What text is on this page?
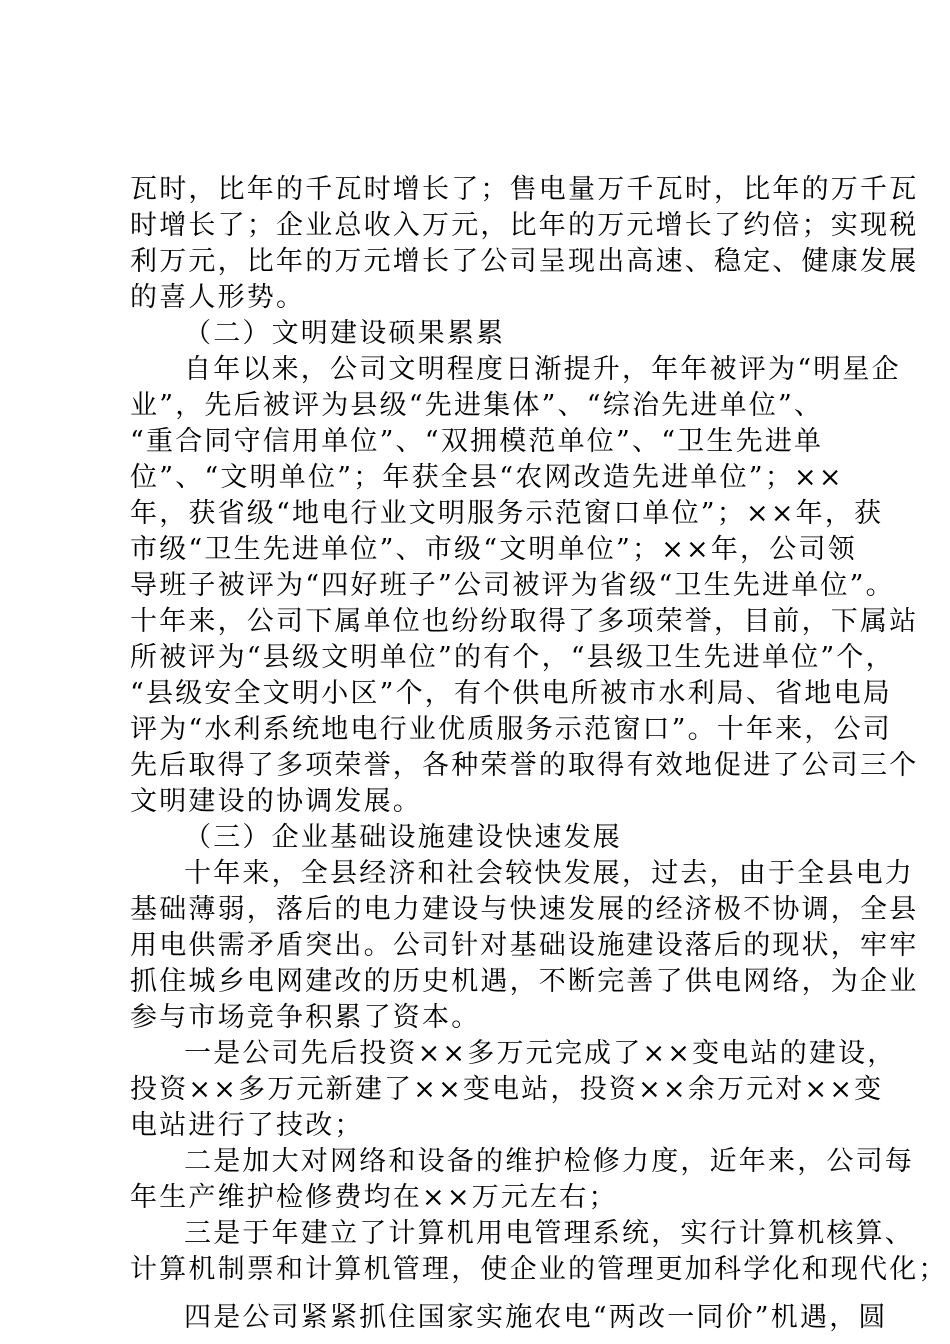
瓦时，比年的千瓦时增长了；售电量万千瓦时，比年的万千瓦
时增长了；企业总收入万元，比年的万元增长了约倍；实现税
利万元，比年的万元增长了公司呈现出高速、稳定、健康发展
的喜人形势。
（二）文明建设硕果累累
自年以来，公司文明程度日渐提升，年年被评为“明星企
业”，先后被评为县级“先进集体”、“综治先进单位”、
“重合同守信用单位”、“双拥模范单位”、“卫生先进单
位”、“文明单位”；年获全县“农网改造先进单位”；××
年，获省级“地电行业文明服务示范窗口单位”；××年，获
市级“卫生先进单位”、市级“文明单位”；××年，公司领
导班子被评为“四好班子”公司被评为省级“卫生先进单位”。
十年来，公司下属单位也纷纷取得了多项荣誉，目前，下属站
所被评为“县级文明单位”的有个，“县级卫生先进单位”个，
“县级安全文明小区”个，有个供电所被市水利局、省地电局
评为“水利系统地电行业优质服务示范窗口”。十年来，公司
先后取得了多项荣誉，各种荣誉的取得有效地促进了公司三个
文明建设的协调发展。
（三）企业基础设施建设快速发展
十年来，全县经济和社会较快发展，过去，由于全县电力
基础薄弱，落后的电力建设与快速发展的经济极不协调，全县
用电供需矛盾突出。公司针对基础设施建设落后的现状，牢牢
抓住城乡电网建改的历史机遇，不断完善了供电网络，为企业
参与市场竞争积累了资本。
一是公司先后投资××多万元完成了××变电站的建设，
投资××多万元新建了××变电站，投资××余万元对××变
电站进行了技改；
二是加大对网络和设备的维护检修力度，近年来，公司每
年生产维护检修费均在××万元左右；
三是于年建立了计算机用电管理系统，实行计算机核算、
计算机制票和计算机管理，使企业的管理更加科学化和现代化；
四是公司紧紧抓住国家实施农电“两改一同价”机遇，圆
